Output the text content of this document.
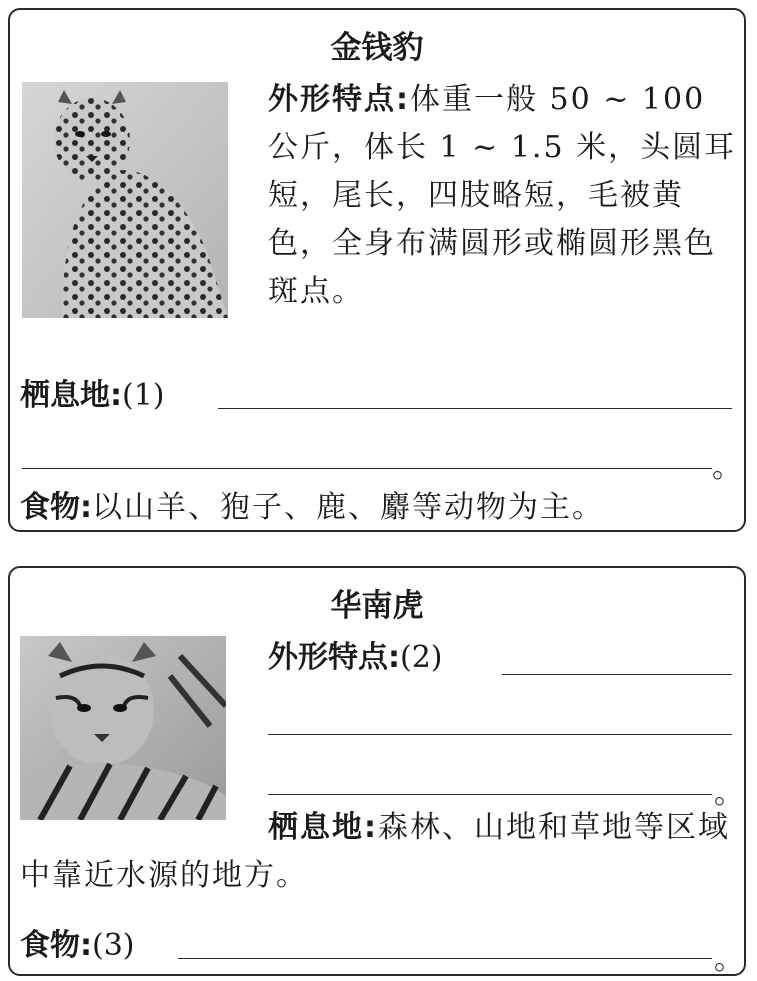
金钱豹
外形特点:体重一般 50 ~ 100 公斤，体长 1 ~ 1.5 米，头圆耳短，尾长，四肢略短，毛被黄色，全身布满圆形或椭圆形黑色斑点。
栖息地:(1)
。
食物:以山羊、狍子、鹿、麝等动物为主。
华南虎
外形特点:(2)
。
栖息地:森林、山地和草地等区域中靠近水源的地方。
食物:(3)	。
